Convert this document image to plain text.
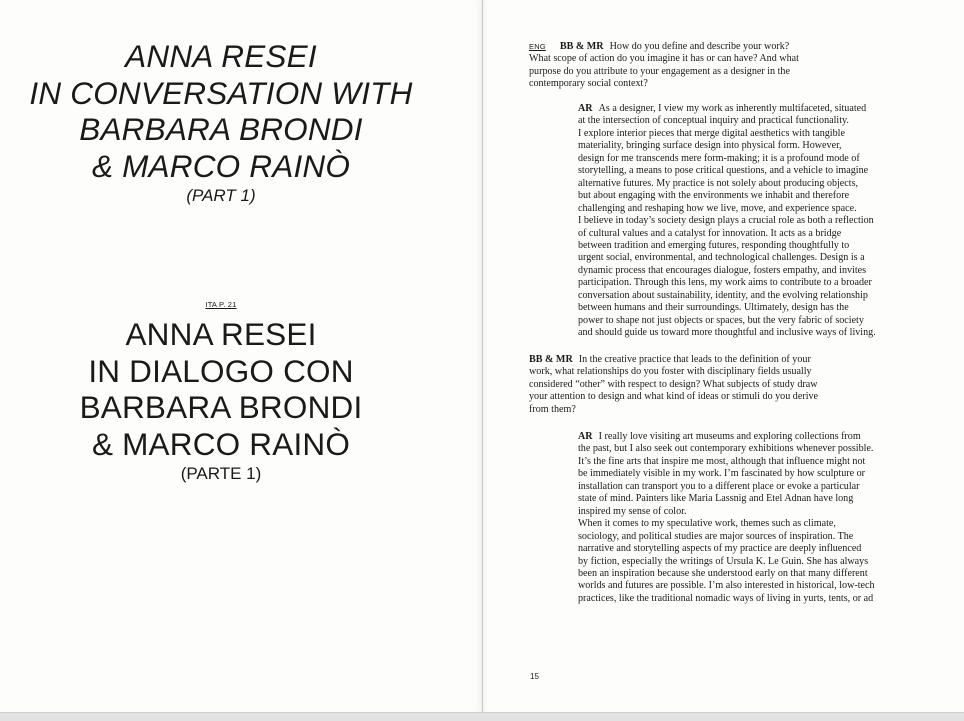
ANNA RESEI
IN CONVERSATION WITH
BARBARA BRONDI
& MARCO RAINÒ
(PART 1)
ITA P. 21
ANNA RESEI
IN DIALOGO CON
BARBARA BRONDI
& MARCO RAINÒ
(PARTE 1)
ENG BB & MR How do you define and describe your work?
What scope of action do you imagine it has or can have? And what
purpose do you attribute to your engagement as a designer in the
contemporary social context?
AR As a designer, I view my work as inherently multifaceted, situated
at the intersection of conceptual inquiry and practical functionality.
I explore interior pieces that merge digital aesthetics with tangible
materiality, bringing surface design into physical form. However,
design for me transcends mere form-making; it is a profound mode of
storytelling, a means to pose critical questions, and a vehicle to imagine
alternative futures. My practice is not solely about producing objects,
but about engaging with the environments we inhabit and therefore
challenging and reshaping how we live, move, and experience space.
I believe in today’s society design plays a crucial role as both a reflection
of cultural values and a catalyst for innovation. It acts as a bridge
between tradition and emerging futures, responding thoughtfully to
urgent social, environmental, and technological challenges. Design is a
dynamic process that encourages dialogue, fosters empathy, and invites
participation. Through this lens, my work aims to contribute to a broader
conversation about sustainability, identity, and the evolving relationship
between humans and their surroundings. Ultimately, design has the
power to shape not just objects or spaces, but the very fabric of society
and should guide us toward more thoughtful and inclusive ways of living.
BB & MR In the creative practice that leads to the definition of your
work, what relationships do you foster with disciplinary fields usually
considered “other” with respect to design? What subjects of study draw
your attention to design and what kind of ideas or stimuli do you derive
from them?
AR I really love visiting art museums and exploring collections from
the past, but I also seek out contemporary exhibitions whenever possible.
It’s the fine arts that inspire me most, although that influence might not
be immediately visible in my work. I’m fascinated by how sculpture or
installation can transport you to a different place or evoke a particular
state of mind. Painters like Maria Lassnig and Etel Adnan have long
inspired my sense of color.
When it comes to my speculative work, themes such as climate,
sociology, and political studies are major sources of inspiration. The
narrative and storytelling aspects of my practice are deeply influenced
by fiction, especially the writings of Ursula K. Le Guin. She has always
been an inspiration because she understood early on that many different
worlds and futures are possible. I’m also interested in historical, low-tech
practices, like the traditional nomadic ways of living in yurts, tents, or ad
15
